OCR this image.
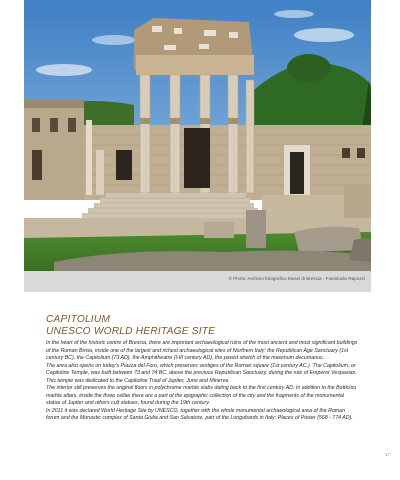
© Photo: Archivio fotografico Musei di Brescia - Fotostudio Rapuzzi
CAPITOLIUM
UNESCO WORLD HERITAGE SITE

In the heart of the historic centre of Brescia, there are important archaeological ruins of the most ancient and most significant buildings of the Roman Brixia, inside one of the largest and richest archaeological sites of Northern Italy: the Republican Age Sanctuary (1st century BC), the Capitolium (73 AD), the Amphitheatre (I-III century AD), the paved stretch of the maximum decumanus.

The area also opens on today's Piazza del Foro, which preserves vestiges of the Roman square (1st century AC.). The Capitolium, or Capitoline Temple, was built between 73 and 74 BC, above the previous Republican Sanctuary, during the rule of Emperor Vespasian.

This temple was dedicated to the Capitoline Triad of Jupiter, Juno and Minerva.

The interior still preserves the original floors in polychrome marble slabs dating back to the first century AD. In addition to the Botticino marble altars, inside the three cellae there are a part of the epigraphic collection of the city and the fragments of the monumental statue of Jupiter and others cult statues, found during the 19th century.

In 2011 it was declared World Heritage Site by UNESCO, together with the whole monumental archaeological area of the Roman forum and the Monastic complex of Santa Giulia and San Salvatore, part of the Longobards in Italy: Places of Power (568 - 774 AD).

17
